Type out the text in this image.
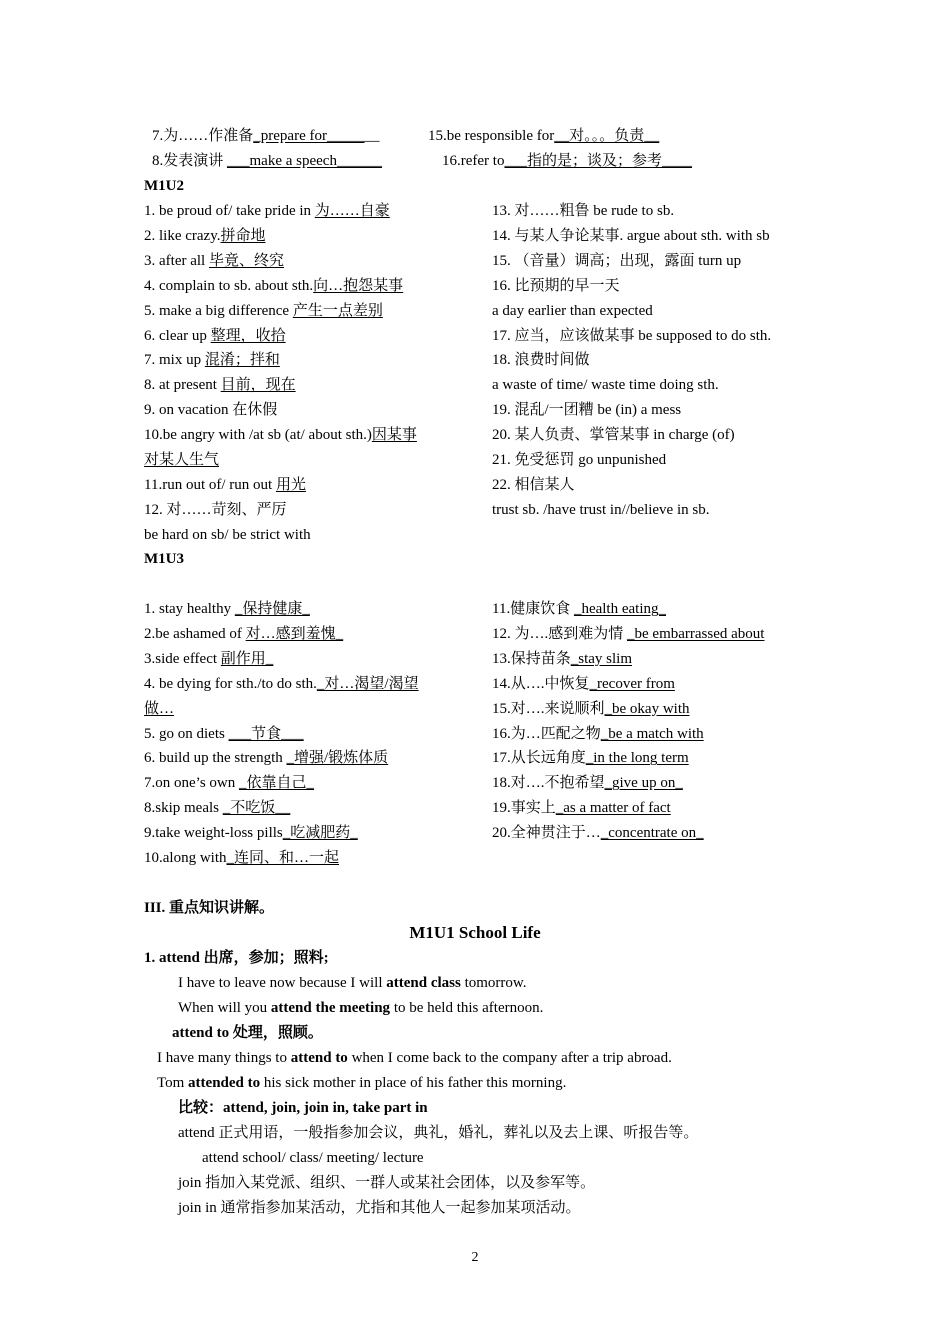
7.为……作准备_prepare for_______	15.be responsible for__对。。。负责__
8.发表演讲 ___make a speech______	16.refer to___指的是；谈及；参考____
M1U2
1. be proud of/ take pride in 为……自豪
2. like crazy.拼命地
3. after all 毕竟、终究
4. complain to sb. about sth.向…抱怨某事
5. make a big difference 产生一点差别
6. clear up 整理，收拾
7. mix up 混淆；拌和
8. at present 目前，现在
9. on vacation 在休假
10.be angry with /at sb (at/ about sth.)因某事
对某人生气
11.run out of/ run out 用光
12. 对……苛刻、严厉
be hard on sb/ be strict with
13. 对……粗鲁 be rude to sb.
14. 与某人争论某事. argue about sth. with sb
15. （音量）调高；出现，露面 turn up
16. 比预期的早一天
a day earlier than expected
17. 应当，应该做某事 be supposed to do sth.
18. 浪费时间做
a waste of time/ waste time doing sth.
19. 混乱/一团糟 be (in) a mess
20. 某人负责、掌管某事 in charge (of)
21. 免受惩罚 go unpunished
22. 相信某人
trust sb. /have trust in//believe in sb.
M1U3
1. stay healthy _保持健康_
2.be ashamed of 对…感到羞愧_
3.side effect 副作用_
4. be dying for sth./to do sth._对…渴望/渴望
做…
5. go on diets ___节食___
6. build up the strength _增强/锻炼体质
7.on one’s own _依靠自己_
8.skip meals _不吃饭__
9.take weight-loss pills_吃减肥药_
10.along with_连同、和…一起
11.健康饮食 _health eating_
12. 为….感到难为情 _be embarrassed about
13.保持苗条_stay slim
14.从….中恢复_recover from
15.对….来说顺利_be okay with
16.为…匹配之物_be a match with
17.从长远角度_in the long term
18.对….不抱希望_give up on_
19.事实上_as a matter of fact
20.全神贯注于…_concentrate on_
III. 重点知识讲解。
M1U1 School Life
1. attend 出席，参加；照料;
I have to leave now because I will attend class tomorrow.
When will you attend the meeting to be held this afternoon.
attend to 处理，照顾。
I have many things to attend to when I come back to the company after a trip abroad.
Tom attended to his sick mother in place of his father this morning.
比较：attend, join, join in, take part in
attend 正式用语，一般指参加会议，典礼，婚礼，葬礼以及去上课、听报告等。
attend school/ class/ meeting/ lecture
join 指加入某党派、组织、一群人或某社会团体，以及参军等。
join in 通常指参加某活动，尤指和其他人一起参加某项活动。
2
